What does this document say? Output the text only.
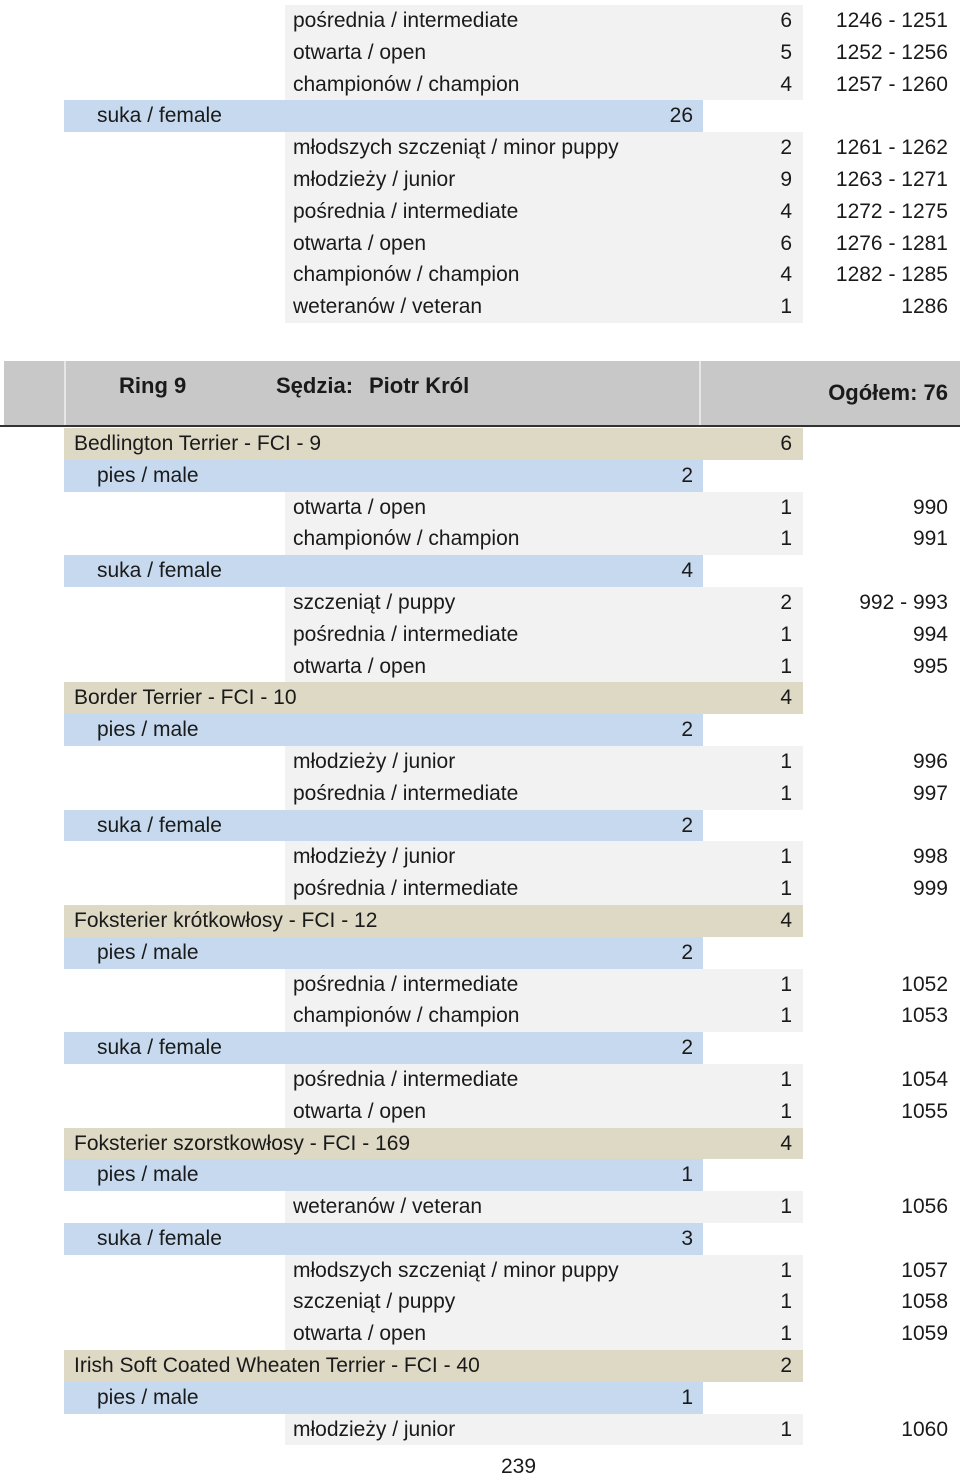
pośrednia / intermediate	6 1246 - 1251
otwarta / open	5 1252 - 1256
championów / champion	4 1257 - 1260
suka / female	26
młodszych szczeniąt / minor puppy	2 1261 - 1262
młodzieży / junior	9 1263 - 1271
pośrednia / intermediate	4 1272 - 1275
otwarta / open	6 1276 - 1281
championów / champion	4 1282 - 1285
weteranów / veteran	1	1286
Ring 9	Sędzia: Piotr Król	Ogółem: 76
Bedlington Terrier - FCI - 9	6
pies / male	2
otwarta / open	1	990
championów / champion	1	991
suka / female	4
szczeniąt / puppy	2	992 - 993
pośrednia / intermediate	1	994
otwarta / open	1	995
Border Terrier - FCI - 10	4
pies / male	2
młodzieży / junior	1	996
pośrednia / intermediate	1	997
suka / female	2
młodzieży / junior	1	998
pośrednia / intermediate	1	999
Foksterier krótkowłosy - FCI - 12	4
pies / male	2
pośrednia / intermediate	1	1052
championów / champion	1	1053
suka / female	2
pośrednia / intermediate	1	1054
otwarta / open	1	1055
Foksterier szorstkowłosy - FCI - 169	4
pies / male	1
weteranów / veteran	1	1056
suka / female	3
młodszych szczeniąt / minor puppy	1	1057
szczeniąt / puppy	1	1058
otwarta / open	1	1059
Irish Soft Coated Wheaten Terrier - FCI - 40	2
pies / male	1
młodzieży / junior	1	1060
239
